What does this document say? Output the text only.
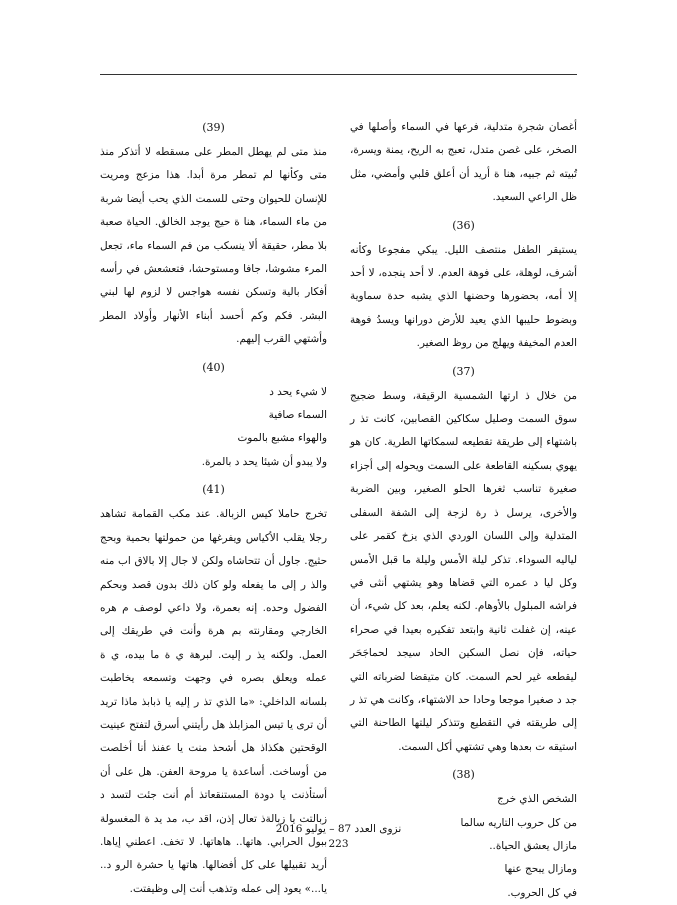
أغصان شجرة متدلية، فرعها في السماء وأصلها في الصخر، على غصن متدل، تعبج به الريح، يمنة ويسرة، تُبيته ثم جبيه، هنا ة أريد أن أعلق قلبي وأمضي، مثل ظل الراعي السعيد.

(36)

يستيقر الطفل منتصف الليل. يبكي مفجوعا وكأنه أشرف، لوهلة، على فوهة العدم. لا أحد ينجده، لا أحد إلا أمه، بحضورها وحضنها الذي يشبه حدة سماوية وبضوط حليبها الذي يعيد للأرض دورانها ويسدُ فوهة العدم المخيفة ويهلج من روظ الصغير.

(37)

من خلال ذ ارتها الشمسية الرقيقة، وسط ضجيج سوق السمت وصليل سكاكين القصابين، كانت تذ ر باشتهاء إلى طريقة تقطيعه لسمكاتها الطرية. كان هو يهوي بسكينه القاطعة على السمت ويحوله إلى أجزاء صغيرة تناسب ثغرها الحلو الصغير، وبين الضربة والأخرى، يرسل ذ رة لزجة إلى الشفة السفلى المتدلية وإلى اللسان الوردي الذي يزخ كقمر على لياليه السوداء. تذكر ليلة الأمس وليلة ما قبل الأمس وكل ليا د عمره التي قضاها وهو يشتهي أنثى في فراشه المبلول بالأوهام. لكنه يعلم، بعد كل شيء، أن عينه، إن غفلت ثانية وابتعد تفكيره بعيدا في صحراء حياته، فإن نصل السكين الحاد سيجد لحماجَحَر ليقطعه غير لحم السمت. كان متيقضا لضرباته التي جد د صغيرا موجعا وحادا حد الاشتهاء، وكانت هي تذ ر إلى طريقته في التقطيع وتتذكر ليلتها الطاحنة التي استيقه ت بعدها وهي تشتهي أكل السمت.

(38)
الشخص الذي خرج
من كل حروب التاريه سالما
مازال يعشق الحياة..
ومازال يبحج عنها
في كل الحروب.
(39)

منذ متى لم يهطل المطر على مسقطه لا أتذكر منذ متى وكأنها لم تمطر مرة أبدا. هذا مزعج ومريت للإنسان للحيوان وحتى للسمت الذي يحب أيضا شربة من ماء السماء، هنا ة حيج يوجد الخالق. الحياة صعبة بلا مطر، حقيقة ألا ينسكب من فم السماء ماء، تجعل المرء مشوشا، جافا ومستوحشا، فتعشعش في رأسه أفكار بالية وتسكن نفسه هواجس لا لزوم لها لبني البشر. فكم وكم أحسد أبناء الأنهار وأولاد المطر وأشتهي القرب إليهم.

(40)
لا شيء يحد د
السماء صافية
والهواء مشبع بالموت
ولا يبدو أن شيئا يحد د بالمرة.
(41)

تخرج حاملا كيس الزبالة. عند مكب القمامة تشاهد رجلا يقلب الأكياس ويفرغها من حمولتها بحمية وبحج حثيج. جاول أن تتحاشاه ولكن لا جال إلا بالاق اب منه والذ ر إلى ما يفعله ولو كان ذلك بدون قصد وبحكم الفضول وحده. إنه بعمرة، ولا داعي لوصف م هره الخارجي ومقارنته بم هرة وأنت في طريقك إلى العمل. ولكنه يذ ر إليت. لبرهة ي ة ما بيده، ي ة عمله ويعلق بصره في وجهت وتسمعه يخاطبت بلسانه الداخلي: «ما الذي تذ ر إليه يا ذبابذ ماذا تريد أن ترى يا تيس المزابلذ هل رأيتني أسرق لتفتح عينيت الوقحتين هكذاذ هل أشحذ منت يا عفنذ أنا أخلصت من أوساخت. أساعدة يا مروحة العفن. هل على أن أستأذنت يا دودة المستنقعاتذ أم أنت جئت لتسد د زبالتت يا زبالةذ تعال إذن، اقد ب، مد يد ة المغسولة ببول الحرابي. هاتها.. هاهاتها. لا تخف. اعطني إياها. أريد تقبيلها على كل أفضالها. هاتها يا حشرة الرو د.. يا...» يعود إلى عمله وتذهب أنت إلى وظيفتت.

نزوى العدد 87 – يوليو 2016
223
